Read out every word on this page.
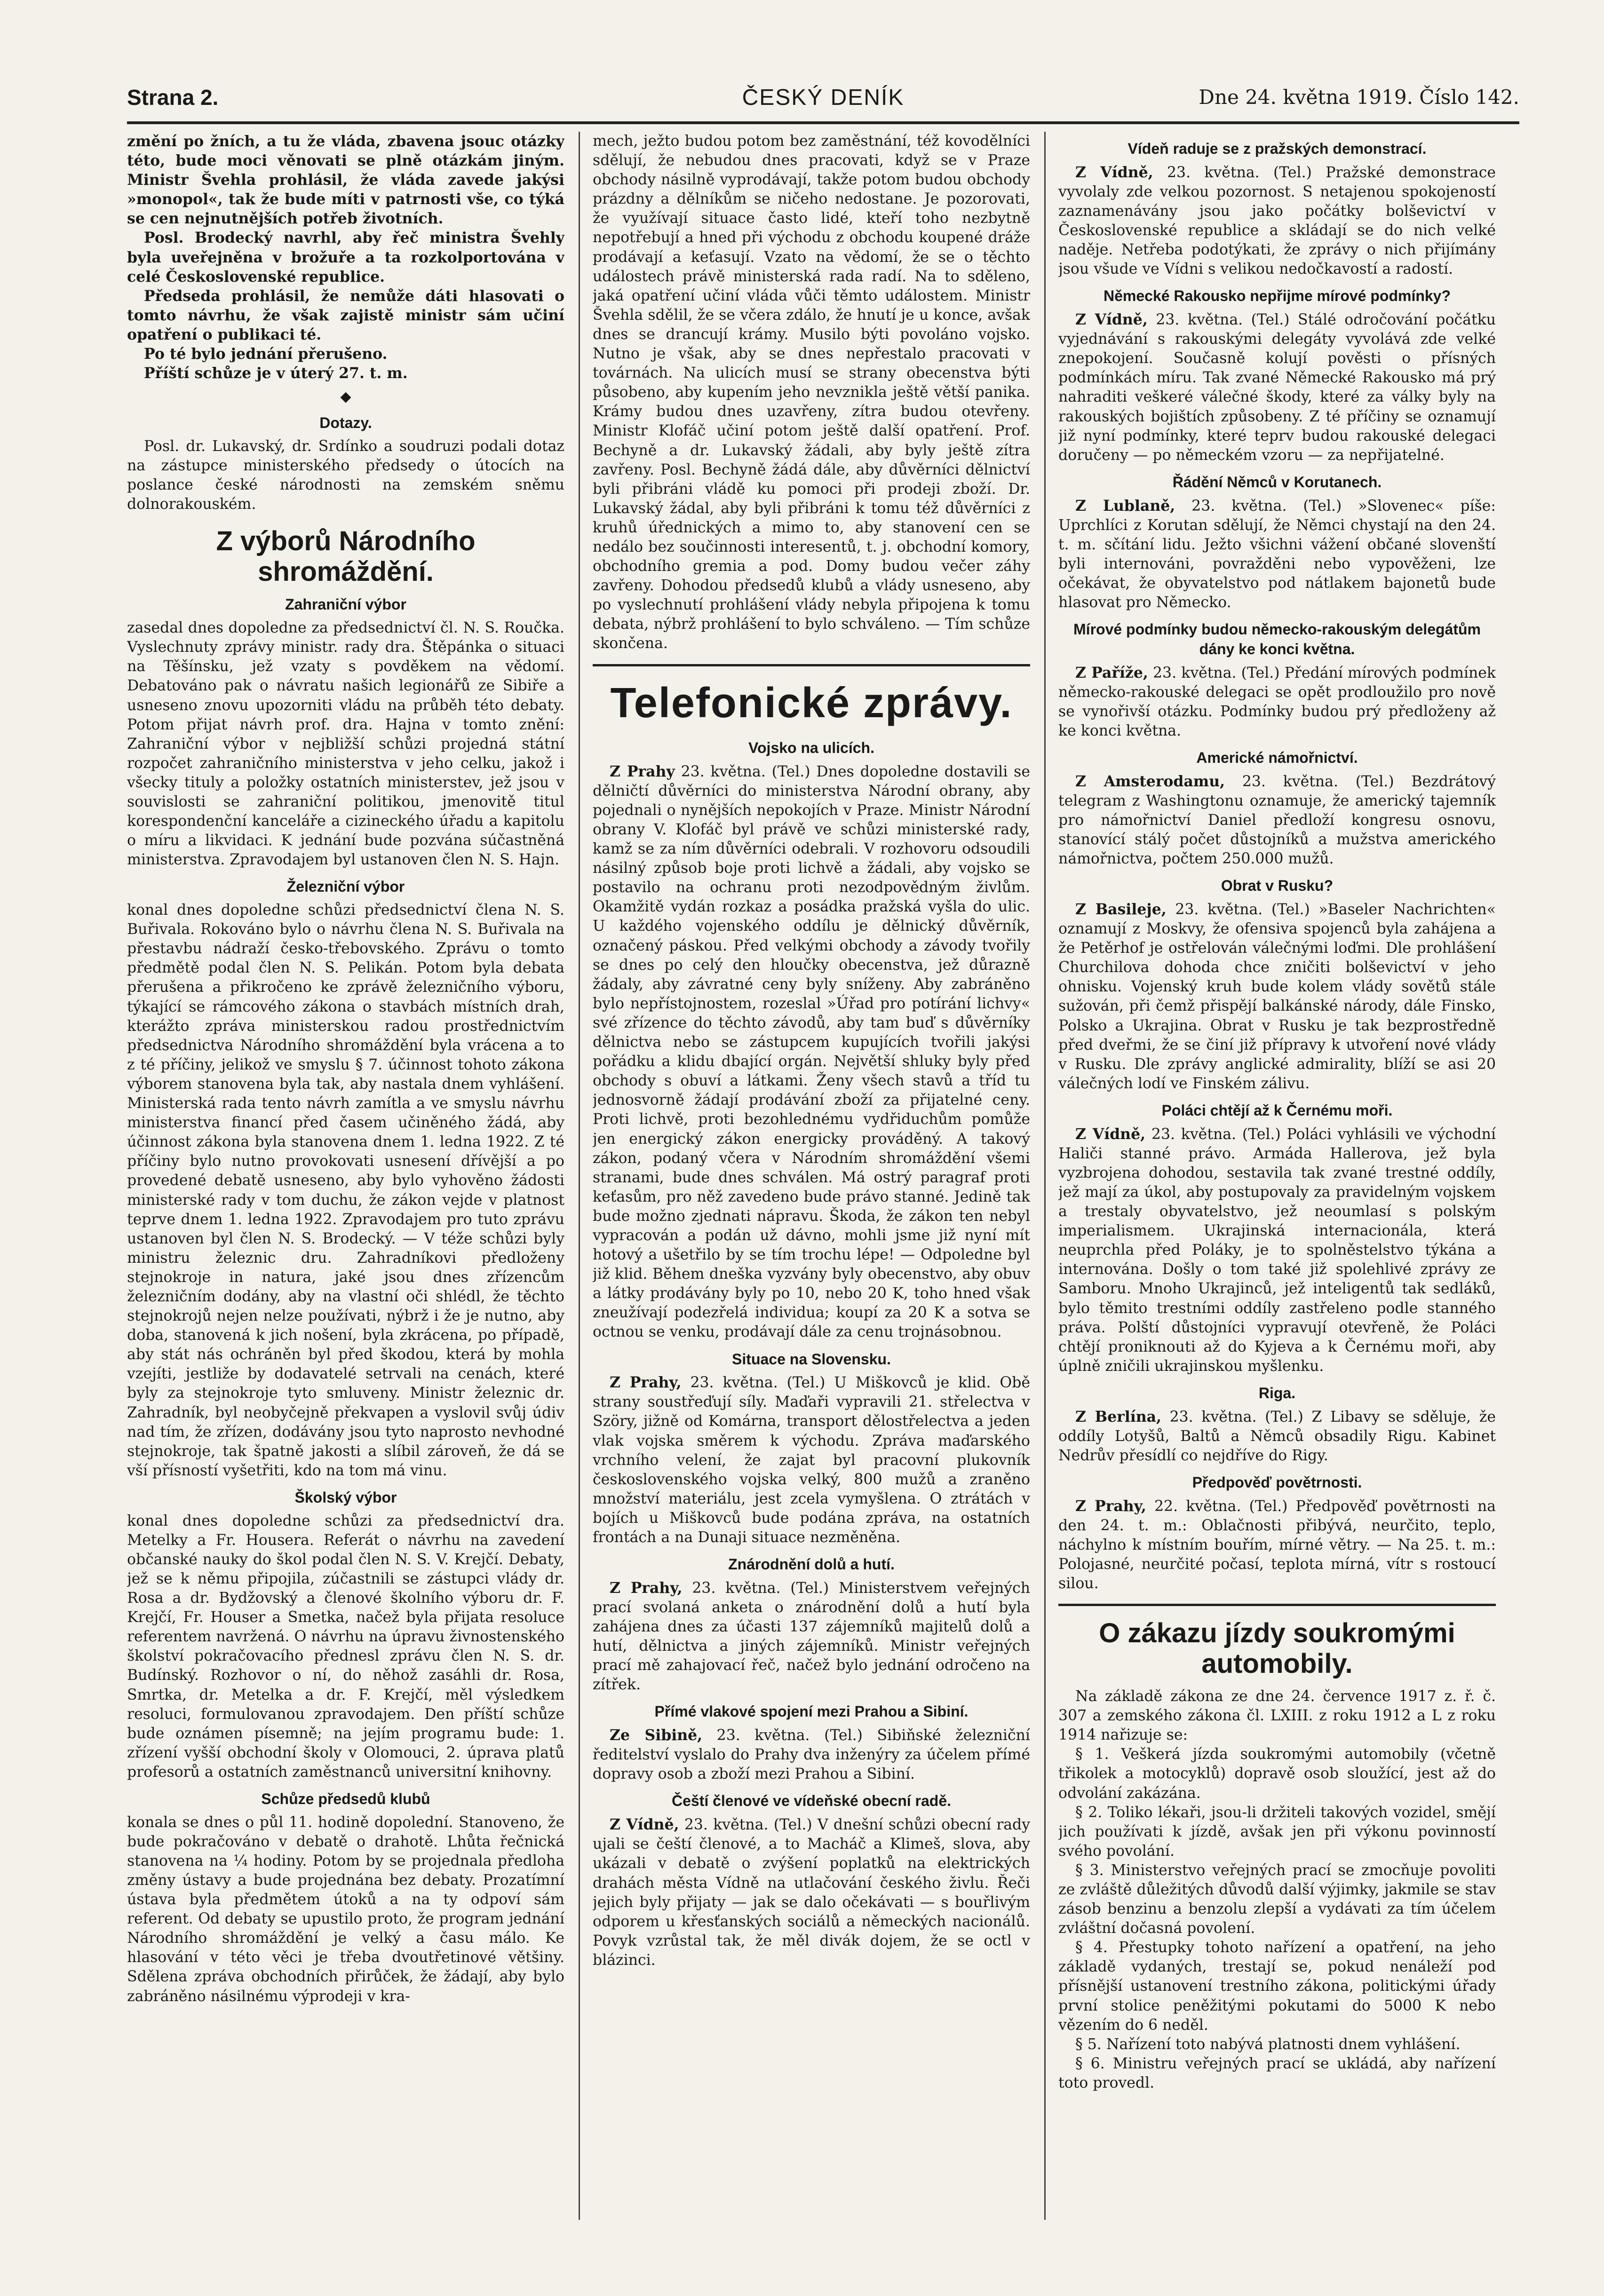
Strana 2.	ČESKÝ DENÍK	Dne 24. května 1919. Číslo 142.

změní po žních, a tu že vláda, zbavena jsouc otázky této, bude moci věnovati se plně otázkám jiným. Ministr Švehla prohlásil, že vláda zavede jakýsi »monopol«, tak že bude míti v patrnosti vše, co týká se cen nejnutnějších potřeb životních.

Posl. Brodecký navrhl, aby řeč ministra Švehly byla uveřejněna v brožuře a ta rozkolportována v celé Československé republice.

Předseda prohlásil, že nemůže dáti hlasovati o tomto návrhu, že však zajistě ministr sám učiní opatření o publikaci té.

Po té bylo jednání přerušeno.

Příští schůze je v úterý 27. t. m.

◆
Dotazy.

Posl. dr. Lukavský, dr. Srdínko a soudruzi podali dotaz na zástupce ministerského předsedy o útocích na poslance české národnosti na zemském sněmu dolnorakouském.

Z výborů Národního shromáždění.
Zahraniční výbor

zasedal dnes dopoledne za předsednictví čl. N. S. Roučka. Vyslechnuty zprávy ministr. rady dra. Štěpánka o situaci na Těšínsku, jež vzaty s povděkem na vědomí. Debatováno pak o návratu našich legionářů ze Sibiře a usneseno znovu upozorniti vládu na průběh této debaty. Potom přijat návrh prof. dra. Hajna v tomto znění: Zahraniční výbor v nejbližší schůzi projedná státní rozpočet zahraničního ministerstva v jeho celku, jakož i všecky tituly a položky ostatních ministerstev, jež jsou v souvislosti se zahraniční politikou, jmenovitě titul korespondenční kanceláře a cizineckého úřadu a kapitolu o míru a likvidaci. K jednání bude pozvána súčastněná ministerstva. Zpravodajem byl ustanoven člen N. S. Hajn.

Železniční výbor

konal dnes dopoledne schůzi předsednictví člena N. S. Buřivala. Rokováno bylo o návrhu člena N. S. Buřivala na přestavbu nádraží česko-třebovského. Zprávu o tomto předmětě podal člen N. S. Pelikán. Potom byla debata přerušena a přikročeno ke zprávě železničního výboru, týkající se rámcového zákona o stavbách místních drah, kterážto zpráva ministerskou radou prostřednictvím předsednictva Národního shromáždění byla vrácena a to z té příčiny, jelikož ve smyslu § 7. účinnost tohoto zákona výborem stanovena byla tak, aby nastala dnem vyhlášení. Ministerská rada tento návrh zamítla a ve smyslu návrhu ministerstva financí před časem učiněného žádá, aby účinnost zákona byla stanovena dnem 1. ledna 1922. Z té příčiny bylo nutno provokovati usnesení dřívější a po provedené debatě usneseno, aby bylo vyhověno žádosti ministerské rady v tom duchu, že zákon vejde v platnost teprve dnem 1. ledna 1922. Zpravodajem pro tuto zprávu ustanoven byl člen N. S. Brodecký. — V téže schůzi byly ministru železnic dru. Zahradníkovi předloženy stejnokroje in natura, jaké jsou dnes zřízencům železničním dodány, aby na vlastní oči shlédl, že těchto stejnokrojů nejen nelze používati, nýbrž i že je nutno, aby doba, stanovená k jich nošení, byla zkrácena, po případě, aby stát nás ochráněn byl před škodou, která by mohla vzejíti, jestliže by dodavatelé setrvali na cenách, které byly za stejnokroje tyto smluveny. Ministr železnic dr. Zahradník, byl neobyčejně překvapen a vyslovil svůj údiv nad tím, že zřízen, dodávány jsou tyto naprosto nevhodné stejnokroje, tak špatně jakosti a slíbil zároveň, že dá se vší přísností vyšetřiti, kdo na tom má vinu.

Školský výbor

konal dnes dopoledne schůzi za předsednictví dra. Metelky a Fr. Housera. Referát o návrhu na zavedení občanské nauky do škol podal člen N. S. V. Krejčí. Debaty, jež se k němu připojila, zúčastnili se zástupci vlády dr. Rosa a dr. Bydžovský a členové školního výboru dr. F. Krejčí, Fr. Houser a Smetka, načež byla přijata resoluce referentem navržená. O návrhu na úpravu živnostenského školství pokračovacího přednesl zprávu člen N. S. dr. Budínský. Rozhovor o ní, do něhož zasáhli dr. Rosa, Smrtka, dr. Metelka a dr. F. Krejčí, měl výsledkem resoluci, formulovanou zpravodajem. Den příští schůze bude oznámen písemně; na jejím programu bude: 1. zřízení vyšší obchodní školy v Olomouci, 2. úprava platů profesorů a ostatních zaměstnanců universitní knihovny.

Schůze předsedů klubů

konala se dnes o půl 11. hodině dopolední. Stanoveno, že bude pokračováno v debatě o drahotě. Lhůta řečnická stanovena na ¼ hodiny. Potom by se projednala předloha změny ústavy a bude projednána bez debaty. Prozatímní ústava byla předmětem útoků a na ty odpoví sám referent. Od debaty se upustilo proto, že program jednání Národního shromáždění je velký a času málo. Ke hlasování v této věci je třeba dvoutřetinové většiny. Sdělena zpráva obchodních přirůček, že žádají, aby bylo zabráněno násilnému výprodeji v kra-

mech, ježto budou potom bez zaměstnání, též kovodělníci sdělují, že nebudou dnes pracovati, když se v Praze obchody násilně vyprodávají, takže potom budou obchody prázdny a dělníkům se ničeho nedostane. Je pozorovati, že využívají situace často lidé, kteří toho nezbytně nepotřebují a hned při východu z obchodu koupené dráže prodávají a keťasují. Vzato na vědomí, že se o těchto událostech právě ministerská rada radí. Na to sděleno, jaká opatření učiní vláda vůči těmto událostem. Ministr Švehla sdělil, že se včera zdálo, že hnutí je u konce, avšak dnes se drancují krámy. Musilo býti povoláno vojsko. Nutno je však, aby se dnes nepřestalo pracovati v továrnách. Na ulicích musí se strany obecenstva býti působeno, aby kupením jeho nevznikla ještě větší panika. Krámy budou dnes uzavřeny, zítra budou otevřeny. Ministr Klofáč učiní potom ještě další opatření. Prof. Bechyně a dr. Lukavský žádali, aby byly ještě zítra zavřeny. Posl. Bechyně žádá dále, aby důvěrníci dělnictví byli přibráni vládě ku pomoci při prodeji zboží. Dr. Lukavský žádal, aby byli přibráni k tomu též důvěrníci z kruhů úřednických a mimo to, aby stanovení cen se nedálo bez součinnosti interesentů, t. j. obchodní komory, obchodního gremia a pod. Domy budou večer záhy zavřeny. Dohodou předsedů klubů a vlády usneseno, aby po vyslechnutí prohlášení vlády nebyla připojena k tomu debata, nýbrž prohlášení to bylo schváleno. — Tím schůze skončena.

Telefonické zprávy.
Vojsko na ulicích.

Z Prahy 23. května. (Tel.) Dnes dopoledne dostavili se dělničtí důvěrníci do ministerstva Národní obrany, aby pojednali o nynějších nepokojích v Praze. Ministr Národní obrany V. Klofáč byl právě ve schůzi ministerské rady, kamž se za ním důvěrníci odebrali. V rozhovoru odsoudili násilný způsob boje proti lichvě a žádali, aby vojsko se postavilo na ochranu proti nezodpovědným živlům. Okamžitě vydán rozkaz a posádka pražská vyšla do ulic. U každého vojenského oddílu je dělnický důvěrník, označený páskou. Před velkými obchody a závody tvořily se dnes po celý den hloučky obecenstva, jež důrazně žádaly, aby závratné ceny byly sníženy. Aby zabráněno bylo nepřístojnostem, rozeslal »Úřad pro potírání lichvy« své zřízence do těchto závodů, aby tam buď s důvěrníky dělnictva nebo se zástupcem kupujících tvořili jakýsi pořádku a klidu dbající orgán. Největší shluky byly před obchody s obuví a látkami. Ženy všech stavů a tříd tu jednosvorně žádají prodávání zboží za přijatelné ceny. Proti lichvě, proti bezohlednému vydřiduchům pomůže jen energický zákon energicky prováděný. A takový zákon, podaný včera v Národním shromáždění všemi stranami, bude dnes schválen. Má ostrý paragraf proti keťasům, pro něž zavedeno bude právo stanné. Jedině tak bude možno zjednati nápravu. Škoda, že zákon ten nebyl vypracován a podán už dávno, mohli jsme již nyní mít hotový a ušetřilo by se tím trochu lépe! — Odpoledne byl již klid. Během dneška vyzvány byly obecenstvo, aby obuv a látky prodávány byly po 10, nebo 20 K, toho hned však zneužívají podezřelá individua; koupí za 20 K a sotva se octnou se venku, prodávají dále za cenu trojnásobnou.

Situace na Slovensku.

Z Prahy, 23. května. (Tel.) U Miškovců je klid. Obě strany soustřeďují síly. Maďaři vypravili 21. střelectva v Szöry, jižně od Komárna, transport dělostřelectva a jeden vlak vojska směrem k východu. Zpráva maďarského vrchního velení, že zajat byl pracovní plukovník československého vojska velký, 800 mužů a zraněno množství materiálu, jest zcela vymyšlena. O ztrátách v bojích u Miškovců bude podána zpráva, na ostatních frontách a na Dunaji situace nezměněna.

Znárodnění dolů a hutí.

Z Prahy, 23. května. (Tel.) Ministerstvem veřejných prací svolaná anketa o znárodnění dolů a hutí byla zahájena dnes za účasti 137 zájemníků majitelů dolů a hutí, dělnictva a jiných zájemníků. Ministr veřejných prací mě zahajovací řeč, načež bylo jednání odročeno na zítřek.

Přímé vlakové spojení mezi Prahou a Sibiní.

Ze Sibině, 23. května. (Tel.) Sibiňské železniční ředitelství vyslalo do Prahy dva inženýry za účelem přímé dopravy osob a zboží mezi Prahou a Sibiní.

Čeští členové ve vídeňské obecní radě.

Z Vídně, 23. května. (Tel.) V dnešní schůzi obecní rady ujali se čeští členové, a to Macháč a Klimeš, slova, aby ukázali v debatě o zvýšení poplatků na elektrických drahách města Vídně na utlačování českého živlu. Řeči jejich byly přijaty — jak se dalo očekávati — s bouřlivým odporem u křesťanských sociálů a německých nacionálů. Povyk vzrůstal tak, že měl divák dojem, že se octl v blázinci.

Vídeň raduje se z pražských demonstrací.

Z Vídně, 23. května. (Tel.) Pražské demonstrace vyvolaly zde velkou pozornost. S netajenou spokojeností zaznamenávány jsou jako počátky bolševictví v Československé republice a skládají se do nich velké naděje. Netřeba podotýkati, že zprávy o nich přijímány jsou všude ve Vídni s velikou nedočkavostí a radostí.

Německé Rakousko nepřijme mírové podmínky?

Z Vídně, 23. května. (Tel.) Stálé odročování počátku vyjednávání s rakouskými delegáty vyvolává zde velké znepokojení. Současně kolují pověsti o přísných podmínkách míru. Tak zvané Německé Rakousko má prý nahraditi veškeré válečné škody, které za války byly na rakouských bojištích způsobeny. Z té příčiny se oznamují již nyní podmínky, které teprv budou rakouské delegaci doručeny — po německém vzoru — za nepřijatelné.

Řádění Němců v Korutanech.

Z Lublaně, 23. května. (Tel.) »Slovenec« píše: Uprchlíci z Korutan sdělují, že Němci chystají na den 24. t. m. sčítání lidu. Ježto všichni vážení občané slovenští byli internováni, povražděni nebo vypověženi, lze očekávat, že obyvatelstvo pod nátlakem bajonetů bude hlasovat pro Německo.

Mírové podmínky budou německo-rakouským delegátům dány ke konci května.

Z Paříže, 23. května. (Tel.) Předání mírových podmínek německo-rakouské delegaci se opět prodloužilo pro nově se vynořivší otázku. Podmínky budou prý předloženy až ke konci května.

Americké námořnictví.

Z Amsterodamu, 23. května. (Tel.) Bezdrátový telegram z Washingtonu oznamuje, že americký tajemník pro námořnictví Daniel předloží kongresu osnovu, stanovící stálý počet důstojníků a mužstva amerického námořnictva, počtem 250.000 mužů.

Obrat v Rusku?

Z Basileje, 23. května. (Tel.) »Baseler Nachrichten« oznamují z Moskvy, že ofensiva spojenců byla zahájena a že Petěrhof je ostřelován válečnými loďmi. Dle prohlášení Churchilova dohoda chce zničiti bolševictví v jeho ohnisku. Vojenský kruh bude kolem vlády sovětů stále sužován, při čemž přispějí balkánské národy, dále Finsko, Polsko a Ukrajina. Obrat v Rusku je tak bezprostředně před dveřmi, že se činí již přípravy k utvoření nové vlády v Rusku. Dle zprávy anglické admirality, blíží se asi 20 válečných lodí ve Finském zálivu.

Poláci chtějí až k Černému moři.

Z Vídně, 23. května. (Tel.) Poláci vyhlásili ve východní Haliči stanné právo. Armáda Hallerova, jež byla vyzbrojena dohodou, sestavila tak zvané trestné oddíly, jež mají za úkol, aby postupovaly za pravidelným vojskem a trestaly obyvatelstvo, jež neoumlasí s polským imperialismem. Ukrajinská internacionála, která neuprchla před Poláky, je to spolněstelstvo týkána a internována. Došly o tom také již spolehlivé zprávy ze Samboru. Mnoho Ukrajinců, jež inteligentů tak sedláků, bylo těmito trestními oddíly zastřeleno podle stanného práva. Polští důstojníci vypravují otevřeně, že Poláci chtějí proniknouti až do Kyjeva a k Černému moři, aby úplně zničili ukrajinskou myšlenku.

Riga.

Z Berlína, 23. května. (Tel.) Z Libavy se sděluje, že oddíly Lotyšů, Baltů a Němců obsadily Rigu. Kabinet Nedrův přesídlí co nejdříve do Rigy.

Předpověď povětrnosti.

Z Prahy, 22. května. (Tel.) Předpověď povětrnosti na den 24. t. m.: Oblačnosti přibývá, neurčito, teplo, náchylno k místním bouřím, mírné větry. — Na 25. t. m.: Polojasné, neurčité počasí, teplota mírná, vítr s rostoucí silou.

O zákazu jízdy soukromými automobily.

Na základě zákona ze dne 24. července 1917 z. ř. č. 307 a zemského zákona čl. LXIII. z roku 1912 a L z roku 1914 nařizuje se:

§ 1. Veškerá jízda soukromými automobily (včetně třikolek a motocyklů) dopravě osob sloužící, jest až do odvolání zakázána.

§ 2. Toliko lékaři, jsou-li držiteli takových vozidel, smějí jich používati k jízdě, avšak jen při výkonu povinností svého povolání.

§ 3. Ministerstvo veřejných prací se zmocňuje povoliti ze zvláště důležitých důvodů další výjimky, jakmile se stav zásob benzinu a benzolu zlepší a vydávati za tím účelem zvláštní dočasná povolení.

§ 4. Přestupky tohoto nařízení a opatření, na jeho základě vydaných, trestají se, pokud nenáleží pod přísnější ustanovení trestního zákona, politickými úřady první stolice peněžitými pokutami do 5000 K nebo vězením do 6 neděl.

§ 5. Nařízení toto nabývá platnosti dnem vyhlášení.

§ 6. Ministru veřejných prací se ukládá, aby nařízení toto provedl.
